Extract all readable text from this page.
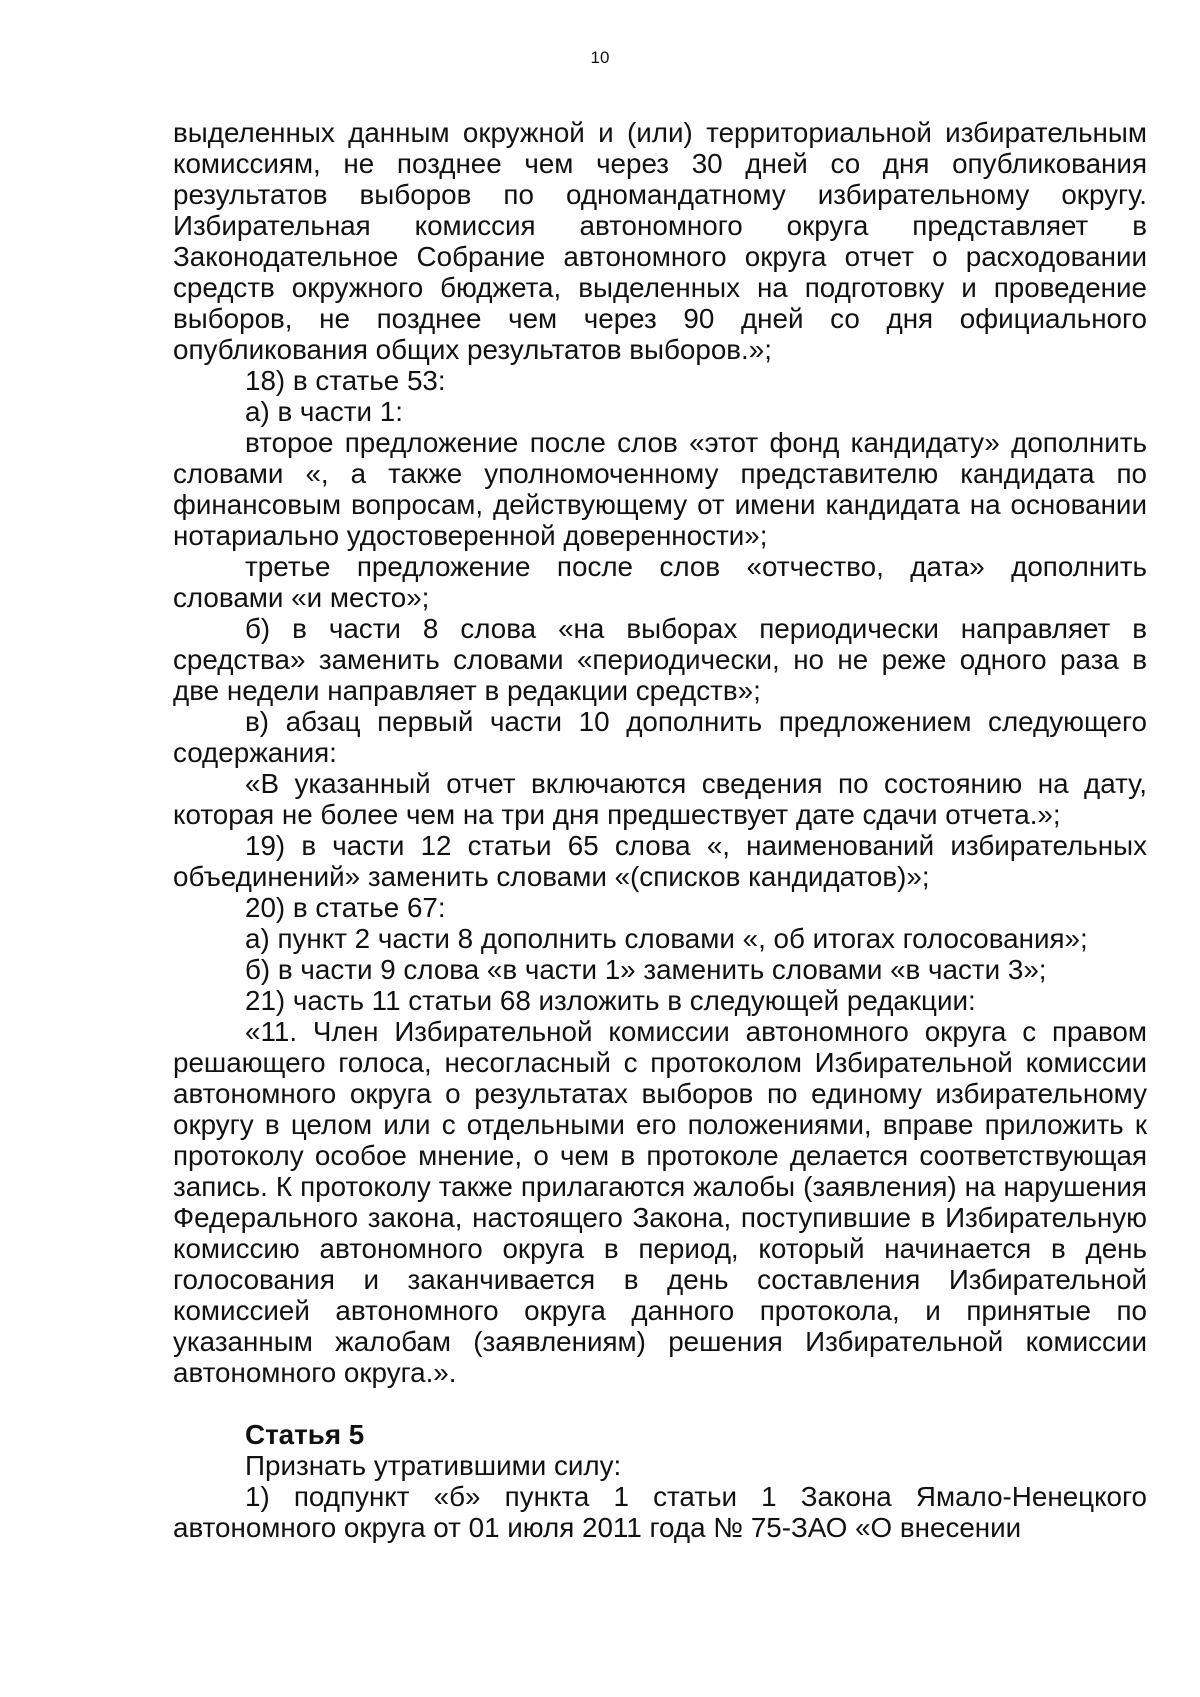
10

выделенных данным окружной и (или) территориальной избирательным комиссиям, не позднее чем через 30 дней со дня опубликования результатов выборов по одномандатному избирательному округу. Избирательная комиссия автономного округа представляет в Законодательное Собрание автономного округа отчет о расходовании средств окружного бюджета, выделенных на подготовку и проведение выборов, не позднее чем через 90 дней со дня официального опубликования общих результатов выборов.»;

18) в статье 53:

а) в части 1:

второе предложение после слов «этот фонд кандидату» дополнить словами «, а также уполномоченному представителю кандидата по финансовым вопросам, действующему от имени кандидата на основании нотариально удостоверенной доверенности»;

третье предложение после слов «отчество, дата» дополнить словами «и место»;

б) в части 8 слова «на выборах периодически направляет в средства» заменить словами «периодически, но не реже одного раза в две недели направляет в редакции средств»;

в) абзац первый части 10 дополнить предложением следующего содержания:

«В указанный отчет включаются сведения по состоянию на дату, которая не более чем на три дня предшествует дате сдачи отчета.»;

19) в части 12 статьи 65 слова «, наименований избирательных объединений» заменить словами «(списков кандидатов)»;

20) в статье 67:

а) пункт 2 части 8 дополнить словами «, об итогах голосования»;

б) в части 9 слова «в части 1» заменить словами «в части 3»;

21) часть 11 статьи 68 изложить в следующей редакции:

«11. Член Избирательной комиссии автономного округа с правом решающего голоса, несогласный с протоколом Избирательной комиссии автономного округа о результатах выборов по единому избирательному округу в целом или с отдельными его положениями, вправе приложить к протоколу особое мнение, о чем в протоколе делается соответствующая запись. К протоколу также прилагаются жалобы (заявления) на нарушения Федерального закона, настоящего Закона, поступившие в Избирательную комиссию автономного округа в период, который начинается в день голосования и заканчивается в день составления Избирательной комиссией автономного округа данного протокола, и принятые по указанным жалобам (заявлениям) решения Избирательной комиссии автономного округа.».

Статья 5

Признать утратившими силу:

1) подпункт «б» пункта 1 статьи 1 Закона Ямало-Ненецкого автономного округа от 01 июля 2011 года № 75-ЗАО «О внесении
